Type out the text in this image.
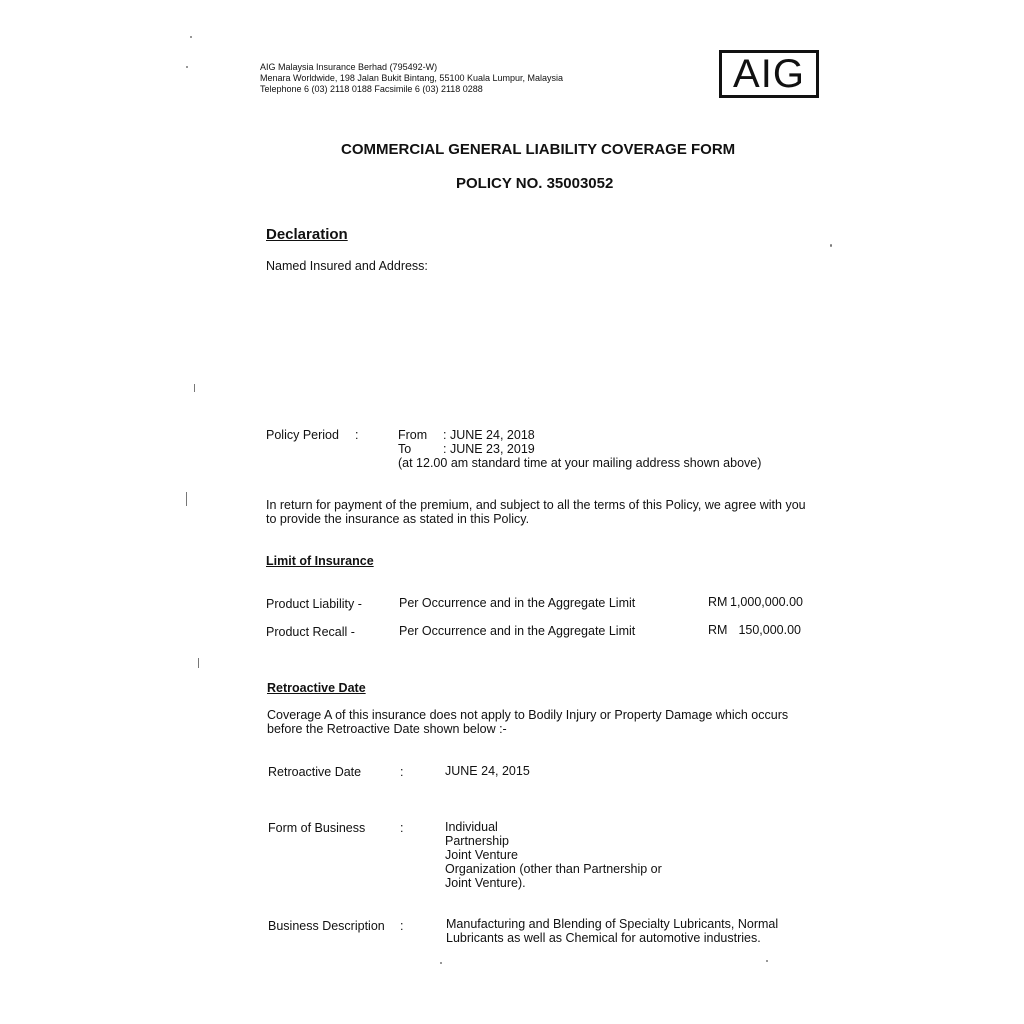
AIG Malaysia Insurance Berhad (795492-W)
Menara Worldwide, 198 Jalan Bukit Bintang, 55100 Kuala Lumpur, Malaysia
Telephone 6 (03) 2118 0188 Facsimile 6 (03) 2118 0288	AIG
COMMERCIAL GENERAL LIABILITY COVERAGE FORM
POLICY NO. 35003052
Declaration
Named Insured and Address:
Policy Period :	From : JUNE 24, 2018
To	: JUNE 23, 2019
(at 12.00 am standard time at your mailing address shown above)
In return for payment of the premium, and subject to all the terms of this Policy, we agree with you
to provide the insurance as stated in this Policy.
Limit of Insurance
Product Liability -	Per Occurrence and in the Aggregate Limit	RM 1,000,000.00
Product Recall -	Per Occurrence and in the Aggregate Limit	RM 150,000.00
Retroactive Date
Coverage A of this insurance does not apply to Bodily Injury or Property Damage which occurs
before the Retroactive Date shown below :-
Retroactive Date	:	JUNE 24, 2015
Form of Business	:	Individual
Partnership
Joint Venture
Organization (other than Partnership or
Joint Venture).
Business Description :	Manufacturing and Blending of Specialty Lubricants, Normal
Lubricants as well as Chemical for automotive industries.
